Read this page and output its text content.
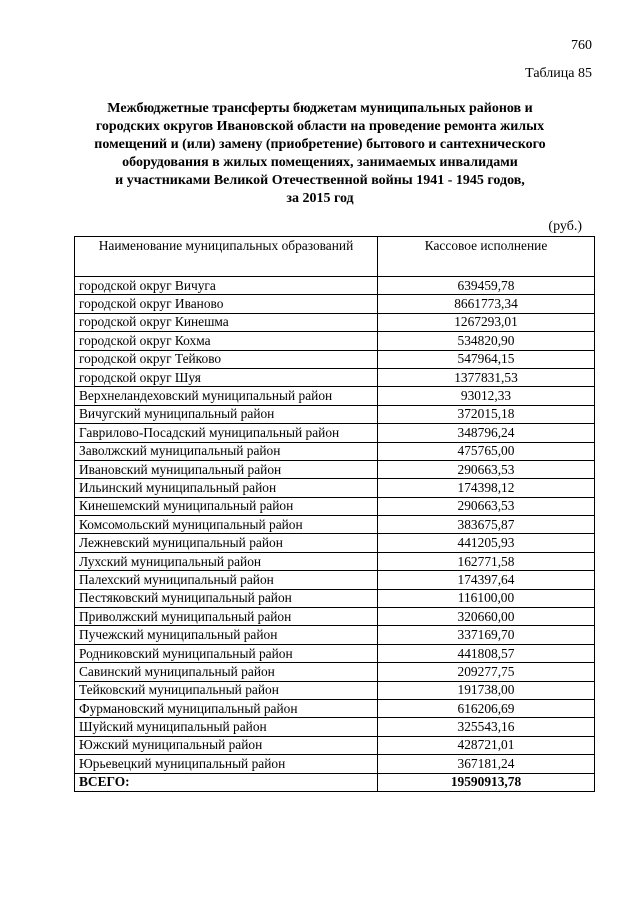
760
Таблица 85
Межбюджетные трансферты бюджетам муниципальных районов и
городских округов Ивановской области на проведение ремонта жилых
помещений и (или) замену (приобретение) бытового и сантехнического
оборудования в жилых помещениях, занимаемых инвалидами
и участниками Великой Отечественной войны 1941 - 1945 годов,
за 2015 год
(руб.)
Наименование муниципальных образований	Кассовое исполнение
городской округ Вичуга	639459,78
городской округ Иваново	8661773,34
городской округ Кинешма	1267293,01
городской округ Кохма	534820,90
городской округ Тейково	547964,15
городской округ Шуя	1377831,53
Верхнеландеховский муниципальный район	93012,33
Вичугский муниципальный район	372015,18
Гаврилово-Посадский муниципальный район	348796,24
Заволжский муниципальный район	475765,00
Ивановский муниципальный район	290663,53
Ильинский муниципальный район	174398,12
Кинешемский муниципальный район	290663,53
Комсомольский муниципальный район	383675,87
Лежневский муниципальный район	441205,93
Лухский муниципальный район	162771,58
Палехский муниципальный район	174397,64
Пестяковский муниципальный район	116100,00
Приволжский муниципальный район	320660,00
Пучежский муниципальный район	337169,70
Родниковский муниципальный район	441808,57
Савинский муниципальный район	209277,75
Тейковский муниципальный район	191738,00
Фурмановский муниципальный район	616206,69
Шуйский муниципальный район	325543,16
Южский муниципальный район	428721,01
Юрьевецкий муниципальный район	367181,24
ВСЕГО:	19590913,78
